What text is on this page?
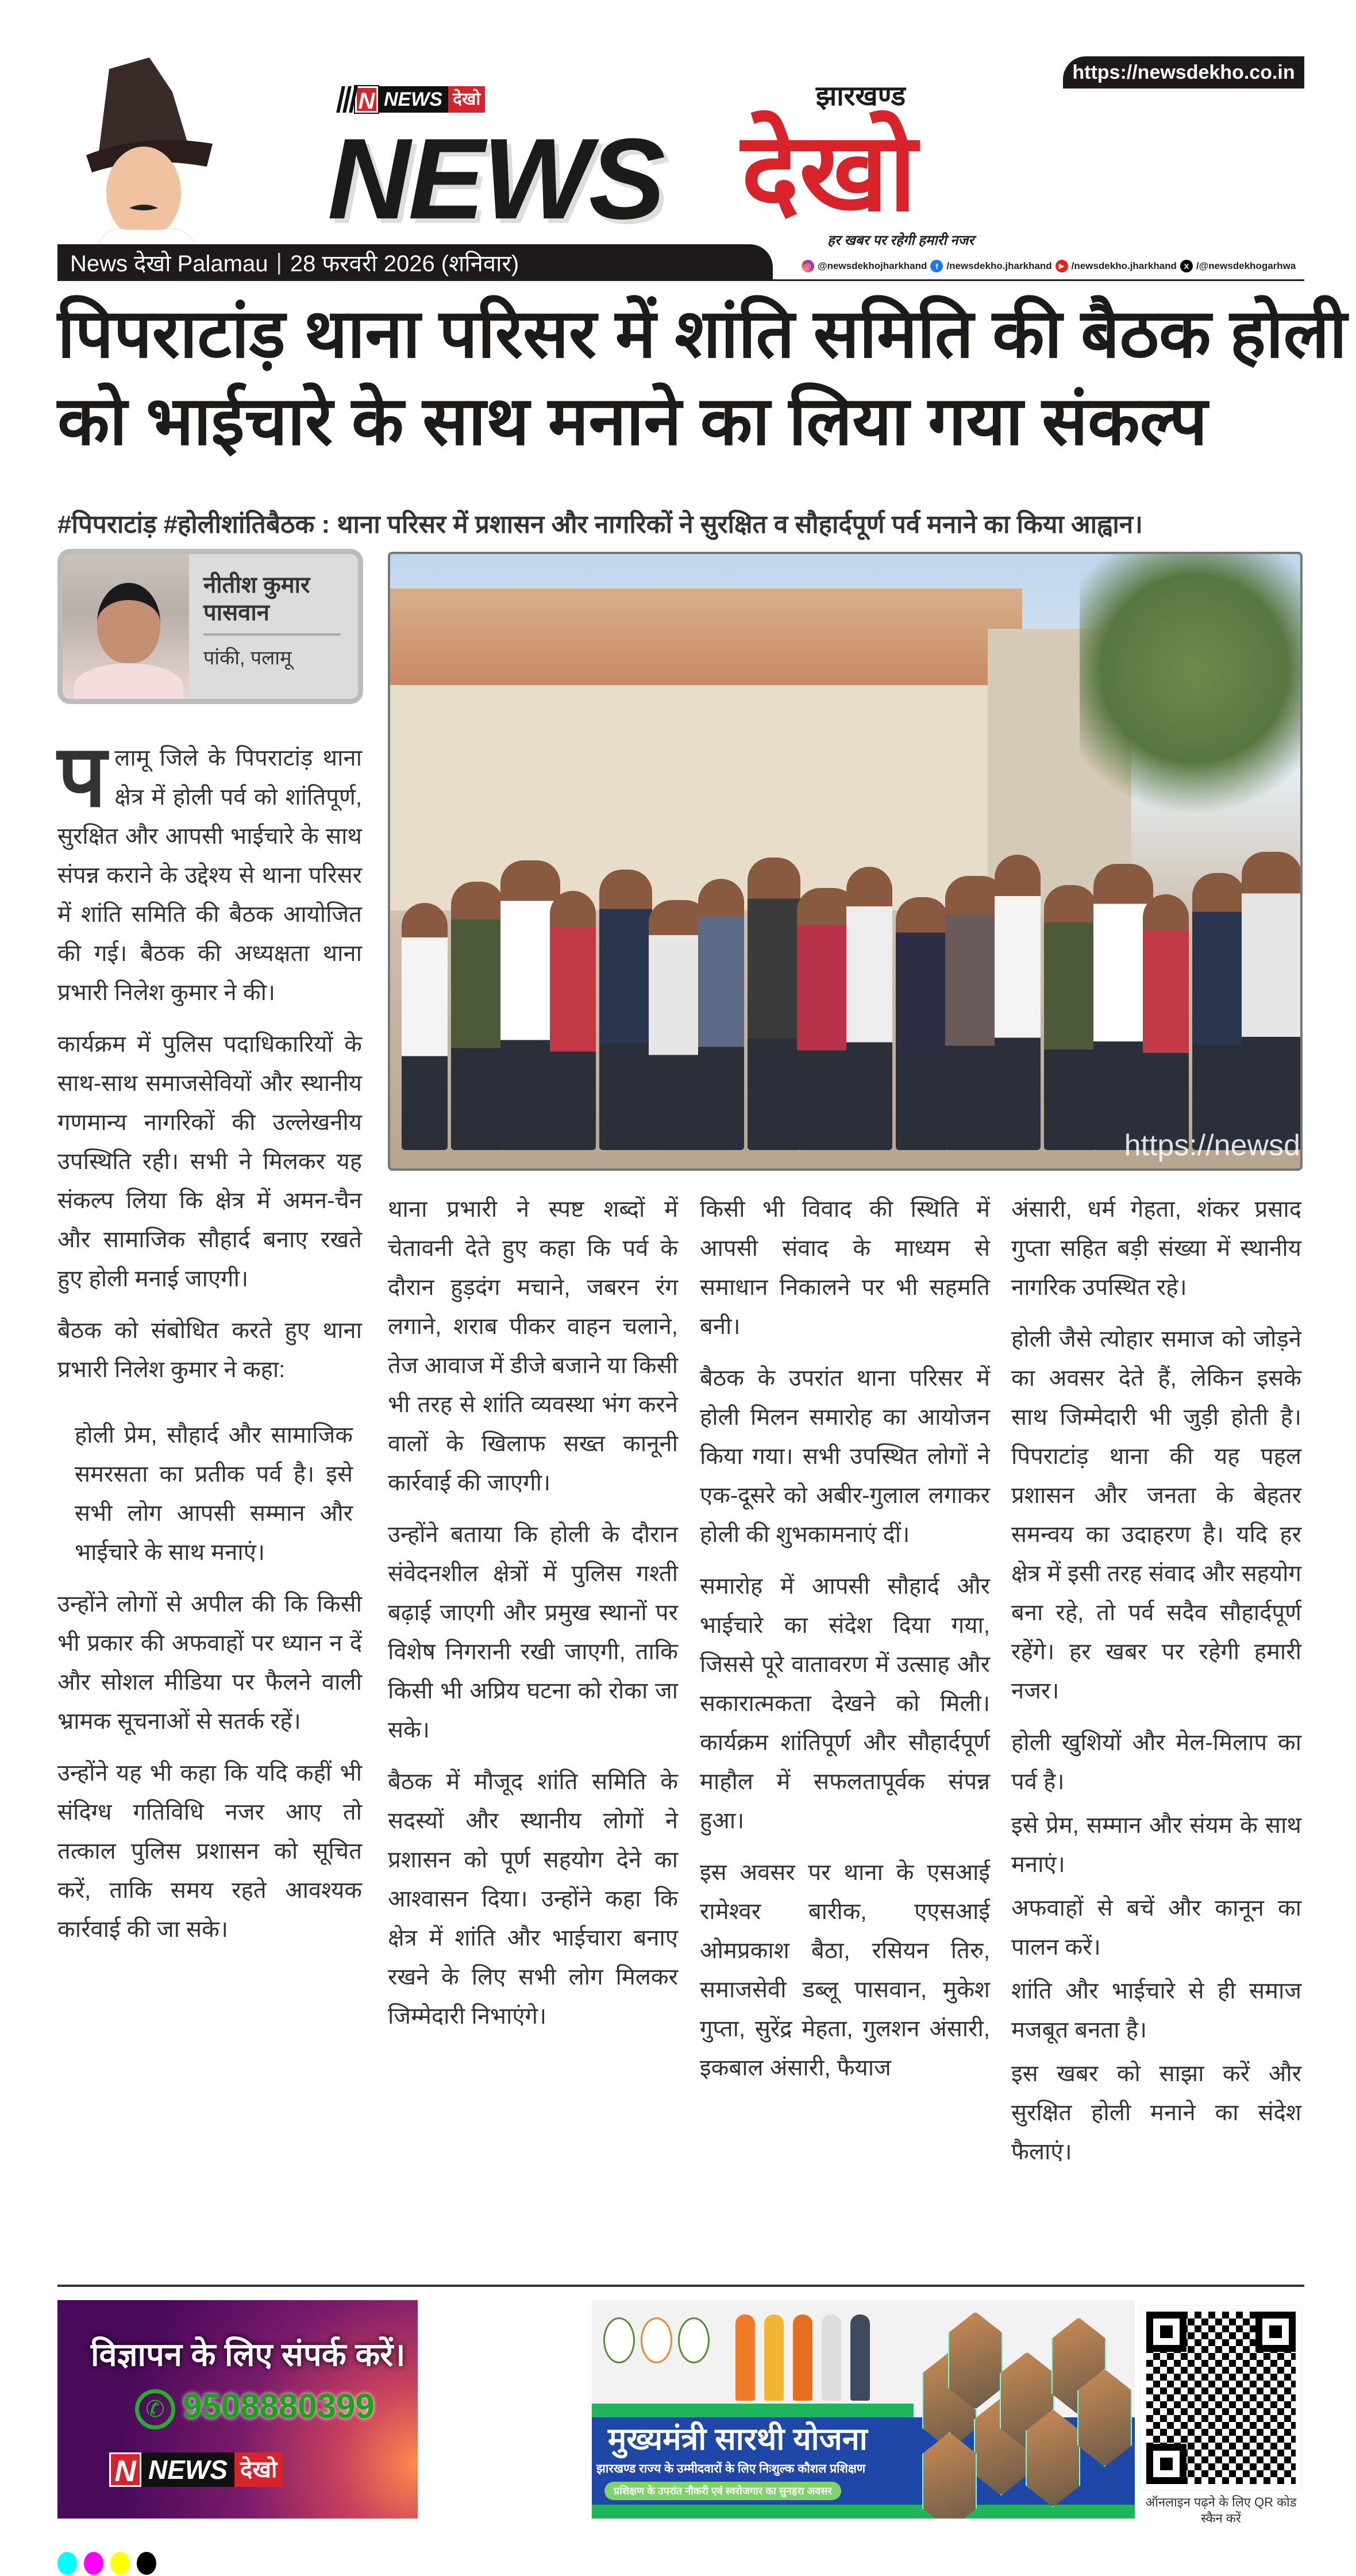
https://newsdekho.co.in
N NEWS देखो
NEWS देखो
झारखण्ड
हर खबर पर रहेगी हमारी नजर
News देखो Palamau | 28 फरवरी 2026 (शनिवार)	◎ @newsdekhojharkhand	f /newsdekho.jharkhand ▶ /newsdekho.jharkhand X /@newsdekhogarhwa
पिपराटांड़ थाना परिसर में शांति समिति की बैठक होली
को भाईचारे के साथ मनाने का लिया गया संकल्प
#पिपराटांड़ #होलीशांतिबैठक : थाना परिसर में प्रशासन और नागरिकों ने सुरक्षित व सौहार्दपूर्ण पर्व मनाने का किया आह्वान।
नीतीश कुमार पासवान
पांकी, पलामू
https://newsd

पलामू जिले के पिपराटांड़ थाना क्षेत्र में होली पर्व को शांतिपूर्ण, सुरक्षित और आपसी भाईचारे के साथ संपन्न कराने के उद्देश्य से थाना परिसर में शांति समिति की बैठक आयोजित की गई। बैठक की अध्यक्षता थाना प्रभारी निलेश कुमार ने की।

कार्यक्रम में पुलिस पदाधिकारियों के साथ-साथ समाजसेवियों और स्थानीय गणमान्य नागरिकों की उल्लेखनीय उपस्थिति रही। सभी ने मिलकर यह संकल्प लिया कि क्षेत्र में अमन-चैन और सामाजिक सौहार्द बनाए रखते हुए होली मनाई जाएगी।

बैठक को संबोधित करते हुए थाना प्रभारी निलेश कुमार ने कहा:

होली प्रेम, सौहार्द और सामाजिक समरसता का प्रतीक पर्व है। इसे सभी लोग आपसी सम्मान और भाईचारे के साथ मनाएं।

उन्होंने लोगों से अपील की कि किसी भी प्रकार की अफवाहों पर ध्यान न दें और सोशल मीडिया पर फैलने वाली भ्रामक सूचनाओं से सतर्क रहें।

उन्होंने यह भी कहा कि यदि कहीं भी संदिग्ध गतिविधि नजर आए तो तत्काल पुलिस प्रशासन को सूचित करें, ताकि समय रहते आवश्यक कार्रवाई की जा सके।

थाना प्रभारी ने स्पष्ट शब्दों में चेतावनी देते हुए कहा कि पर्व के दौरान हुड़दंग मचाने, जबरन रंग लगाने, शराब पीकर वाहन चलाने, तेज आवाज में डीजे बजाने या किसी भी तरह से शांति व्यवस्था भंग करने वालों के खिलाफ सख्त कानूनी कार्रवाई की जाएगी।

उन्होंने बताया कि होली के दौरान संवेदनशील क्षेत्रों में पुलिस गश्ती बढ़ाई जाएगी और प्रमुख स्थानों पर विशेष निगरानी रखी जाएगी, ताकि किसी भी अप्रिय घटना को रोका जा सके।

बैठक में मौजूद शांति समिति के सदस्यों और स्थानीय लोगों ने प्रशासन को पूर्ण सहयोग देने का आश्वासन दिया। उन्होंने कहा कि क्षेत्र में शांति और भाईचारा बनाए रखने के लिए सभी लोग मिलकर जिम्मेदारी निभाएंगे।

किसी भी विवाद की स्थिति में आपसी संवाद के माध्यम से समाधान निकालने पर भी सहमति बनी।

बैठक के उपरांत थाना परिसर में होली मिलन समारोह का आयोजन किया गया। सभी उपस्थित लोगों ने एक-दूसरे को अबीर-गुलाल लगाकर होली की शुभकामनाएं दीं।

समारोह में आपसी सौहार्द और भाईचारे का संदेश दिया गया, जिससे पूरे वातावरण में उत्साह और सकारात्मकता देखने को मिली। कार्यक्रम शांतिपूर्ण और सौहार्दपूर्ण माहौल में सफलतापूर्वक संपन्न हुआ।

इस अवसर पर थाना के एसआई रामेश्वर बारीक, एएसआई ओमप्रकाश बैठा, रसियन तिरु, समाजसेवी डब्लू पासवान, मुकेश गुप्ता, सुरेंद्र मेहता, गुलशन अंसारी, इकबाल अंसारी, फैयाज

अंसारी, धर्म गेहता, शंकर प्रसाद गुप्ता सहित बड़ी संख्या में स्थानीय नागरिक उपस्थित रहे।

होली जैसे त्योहार समाज को जोड़ने का अवसर देते हैं, लेकिन इसके साथ जिम्मेदारी भी जुड़ी होती है। पिपराटांड़ थाना की यह पहल प्रशासन और जनता के बेहतर समन्वय का उदाहरण है। यदि हर क्षेत्र में इसी तरह संवाद और सहयोग बना रहे, तो पर्व सदैव सौहार्दपूर्ण रहेंगे। हर खबर पर रहेगी हमारी नजर।

होली खुशियों और मेल-मिलाप का पर्व है।

इसे प्रेम, सम्मान और संयम के साथ मनाएं।

अफवाहों से बचें और कानून का पालन करें।

शांति और भाईचारे से ही समाज मजबूत बनता है।

इस खबर को साझा करें और सुरक्षित होली मनाने का संदेश फैलाएं।

विज्ञापन के लिए संपर्क करें।
✆ 9508880399
N NEWS देखो
मुख्यमंत्री सारथी योजना
झारखण्ड राज्य के उम्मीदवारों के लिए निःशुल्क कौशल प्रशिक्षण
प्रशिक्षण के उपरांत नौकरी एवं स्वरोजगार का सुनहरा अवसर
ऑनलाइन पढ़ने के लिए QR कोड स्कैन करें
